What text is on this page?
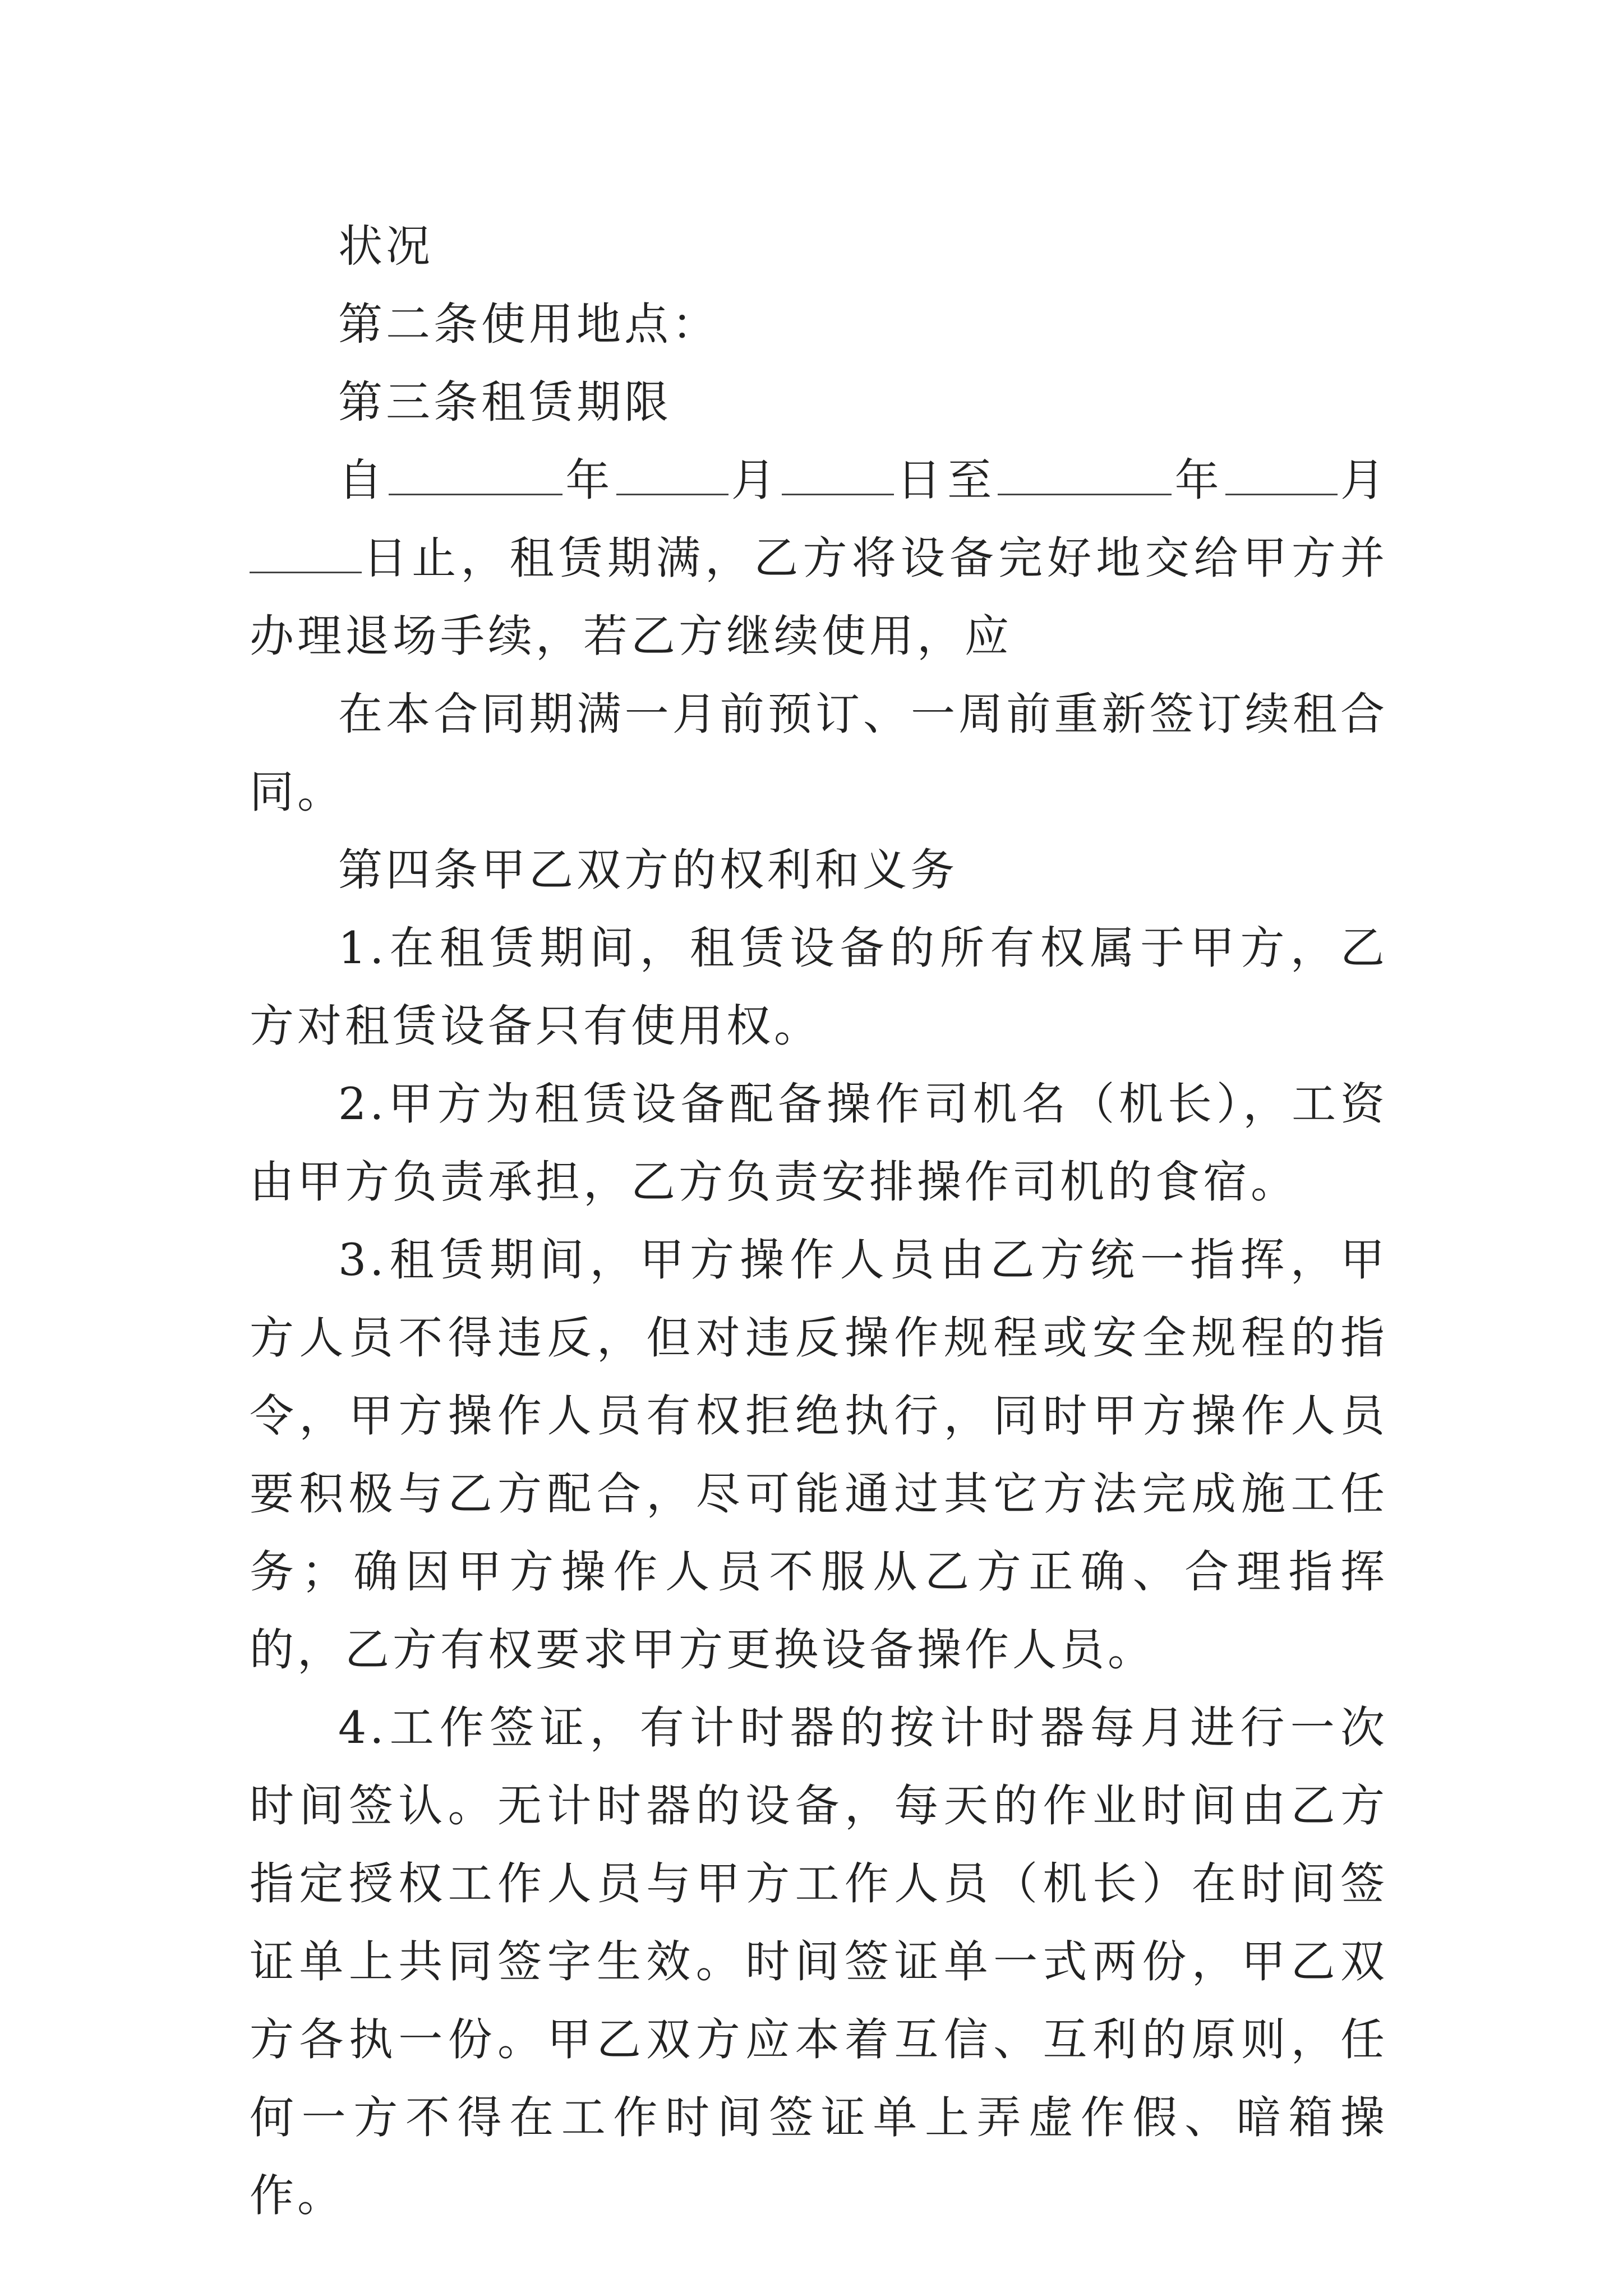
状况

第二条使用地点：

第三条租赁期限

自	年	月	日至	年	月日止，租赁期满，乙方将设备完好地交给甲方并办理退场手续，若乙方继续使用，应

在本合同期满一月前预订、一周前重新签订续租合同。

第四条甲乙双方的权利和义务

1.在租赁期间，租赁设备的所有权属于甲方，乙方对租赁设备只有使用权。

2.甲方为租赁设备配备操作司机名（机长），工资由甲方负责承担，乙方负责安排操作司机的食宿。

3.租赁期间，甲方操作人员由乙方统一指挥，甲方人员不得违反，但对违反操作规程或安全规程的指令，甲方操作人员有权拒绝执行，同时甲方操作人员要积极与乙方配合，尽可能通过其它方法完成施工任务；确因甲方操作人员不服从乙方正确、合理指挥的，乙方有权要求甲方更换设备操作人员。

4.工作签证，有计时器的按计时器每月进行一次时间签认。无计时器的设备，每天的作业时间由乙方指定授权工作人员与甲方工作人员（机长）在时间签证单上共同签字生效。时间签证单一式两份，甲乙双方各执一份。甲乙双方应本着互信、互利的原则，任何一方不得在工作时间签证单上弄虚作假、暗箱操作。
